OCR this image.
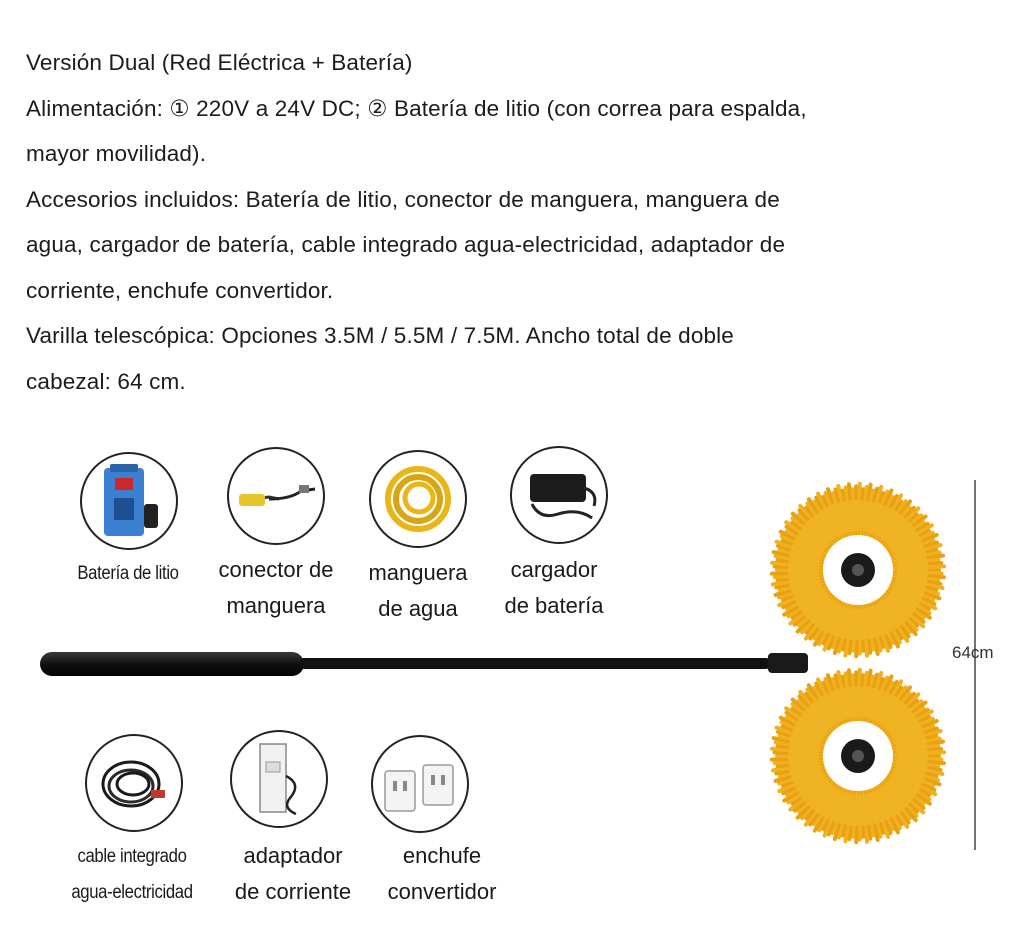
Versión Dual (Red Eléctrica + Batería)

Alimentación: ① 220V a 24V DC; ② Batería de litio (con correa para espalda,

mayor movilidad).

Accesorios incluidos: Batería de litio, conector de manguera, manguera de

agua, cargador de batería, cable integrado agua-electricidad, adaptador de

corriente, enchufe convertidor.

Varilla telescópica: Opciones 3.5M / 5.5M / 7.5M. Ancho total de doble

cabezal: 64 cm.

64cm
Batería de litio	conector de
manguera
manguera
de agua
cargador
de batería
cable integrado
agua-electricidad
adaptador
de corriente
enchufe
convertidor
